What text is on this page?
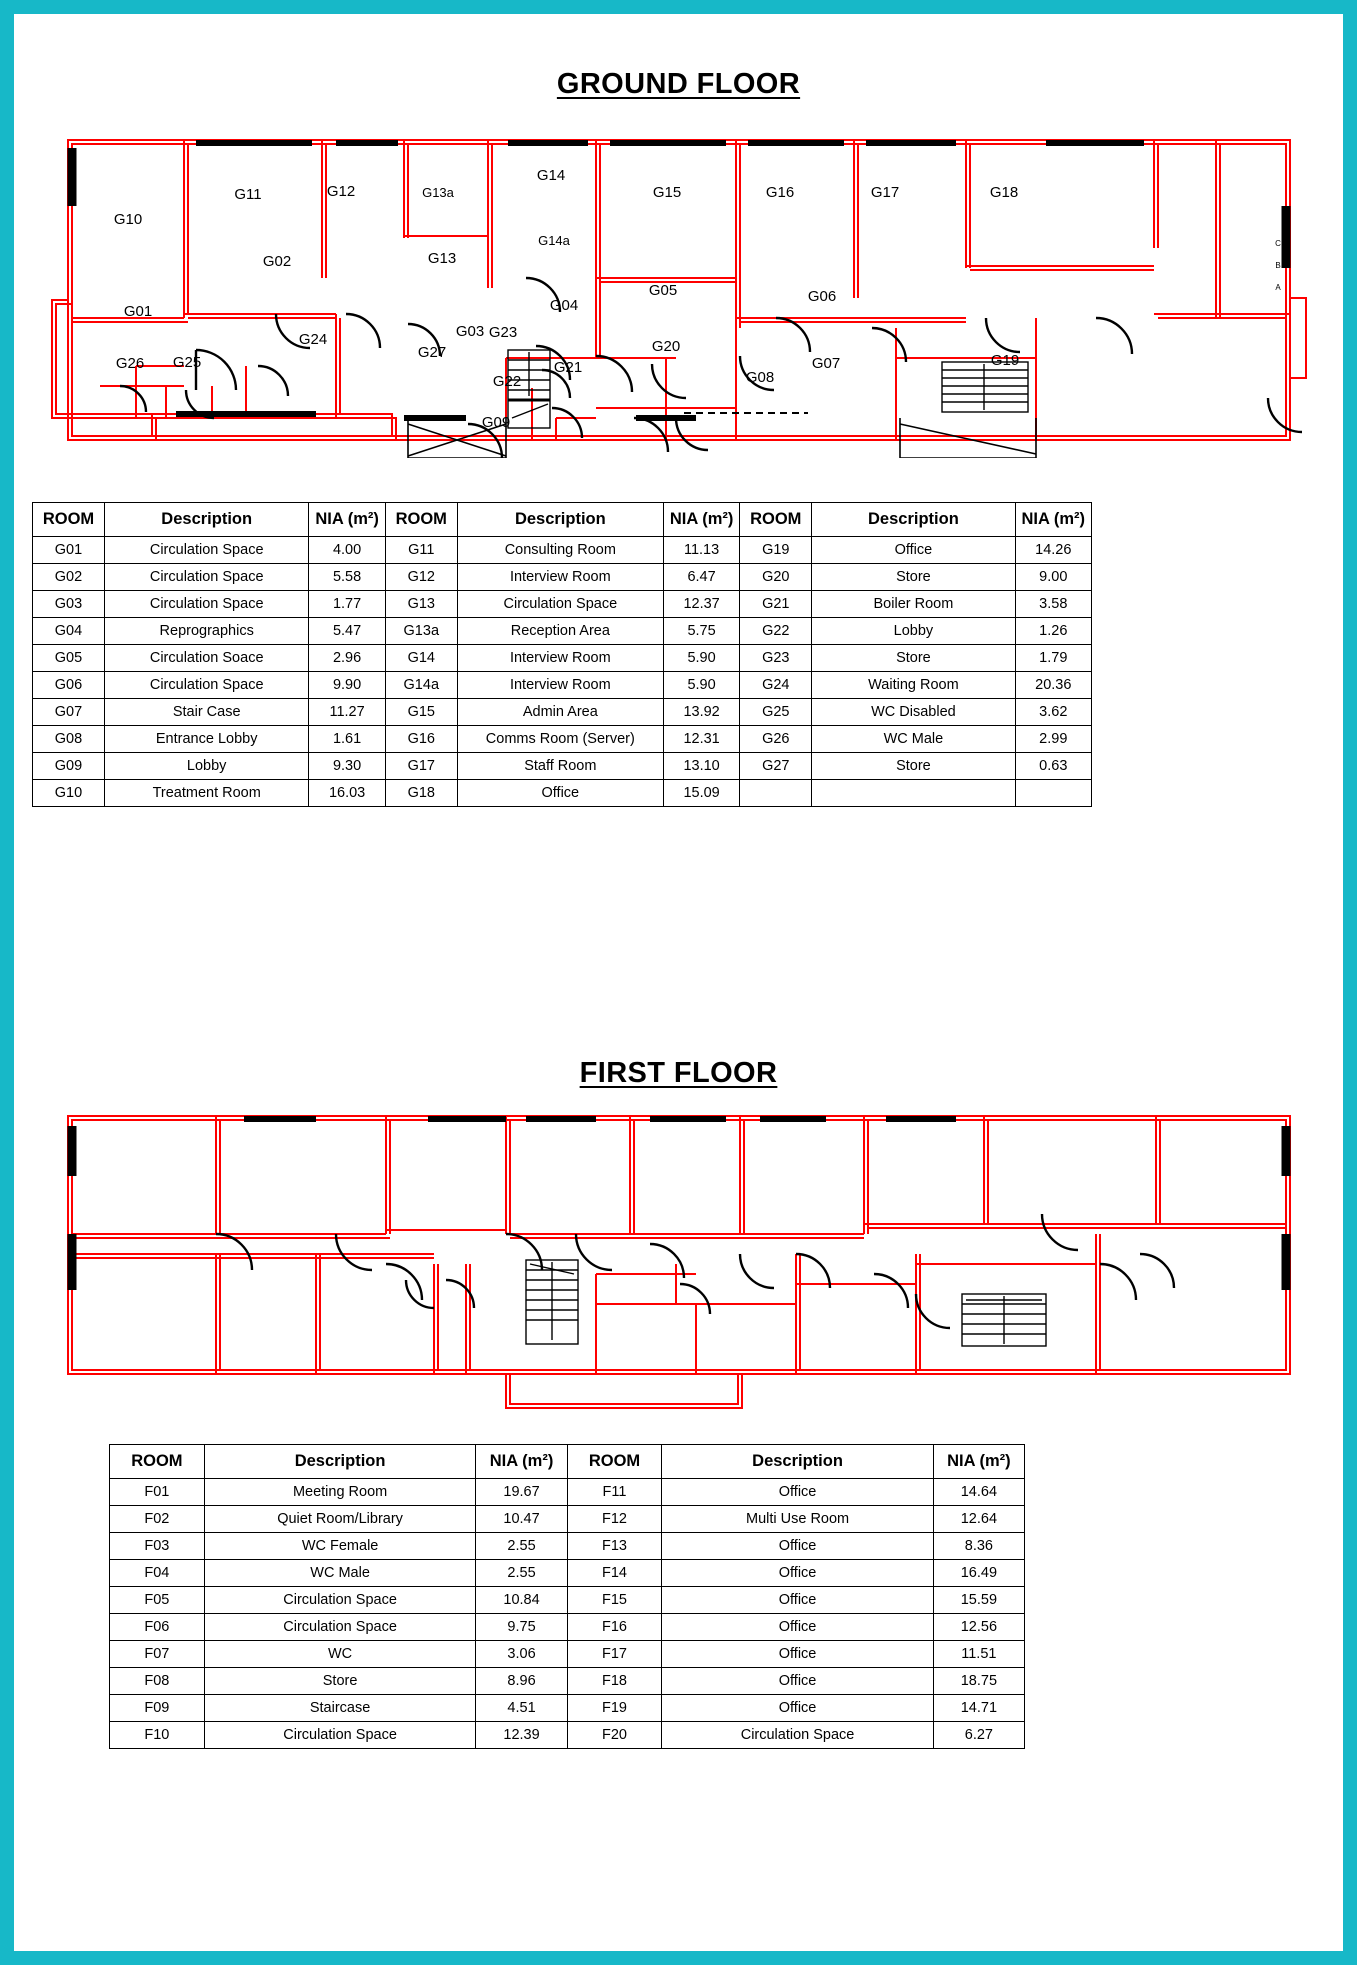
GROUND FLOOR
G10
G11	G12	G13a
G14
G15	G16	G17	G18
G02	G13
G14a
G05	G06
G01
G24
G04
G20
G03 G23
G27
G26 G25	G21
G22	G08
G07	G19
G09
C
B
A
ROOM	Description	NIA (m²)	ROOM	Description	NIA (m²)	ROOM	Description	NIA (m²)
G01	Circulation Space	4.00	G11	Consulting Room	11.13	G19	Office	14.26
G02	Circulation Space	5.58	G12	Interview Room	6.47	G20	Store	9.00
G03	Circulation Space	1.77	G13	Circulation Space	12.37	G21	Boiler Room	3.58
G04	Reprographics	5.47	G13a	Reception Area	5.75	G22	Lobby	1.26
G05	Circulation Soace	2.96	G14	Interview Room	5.90	G23	Store	1.79
G06	Circulation Space	9.90	G14a	Interview Room	5.90	G24	Waiting Room	20.36
G07	Stair Case	11.27	G15	Admin Area	13.92	G25	WC Disabled	3.62
G08	Entrance Lobby	1.61	G16	Comms Room (Server)	12.31	G26	WC Male	2.99
G09	Lobby	9.30	G17	Staff Room	13.10	G27	Store	0.63
G10	Treatment Room	16.03	G18	Office	15.09			
FIRST FLOOR
ROOM	Description	NIA (m²)	ROOM	Description	NIA (m²)
F01	Meeting Room	19.67	F11	Office	14.64
F02	Quiet Room/Library	10.47	F12	Multi Use Room	12.64
F03	WC Female	2.55	F13	Office	8.36
F04	WC Male	2.55	F14	Office	16.49
F05	Circulation Space	10.84	F15	Office	15.59
F06	Circulation Space	9.75	F16	Office	12.56
F07	WC	3.06	F17	Office	11.51
F08	Store	8.96	F18	Office	18.75
F09	Staircase	4.51	F19	Office	14.71
F10	Circulation Space	12.39	F20	Circulation Space	6.27
